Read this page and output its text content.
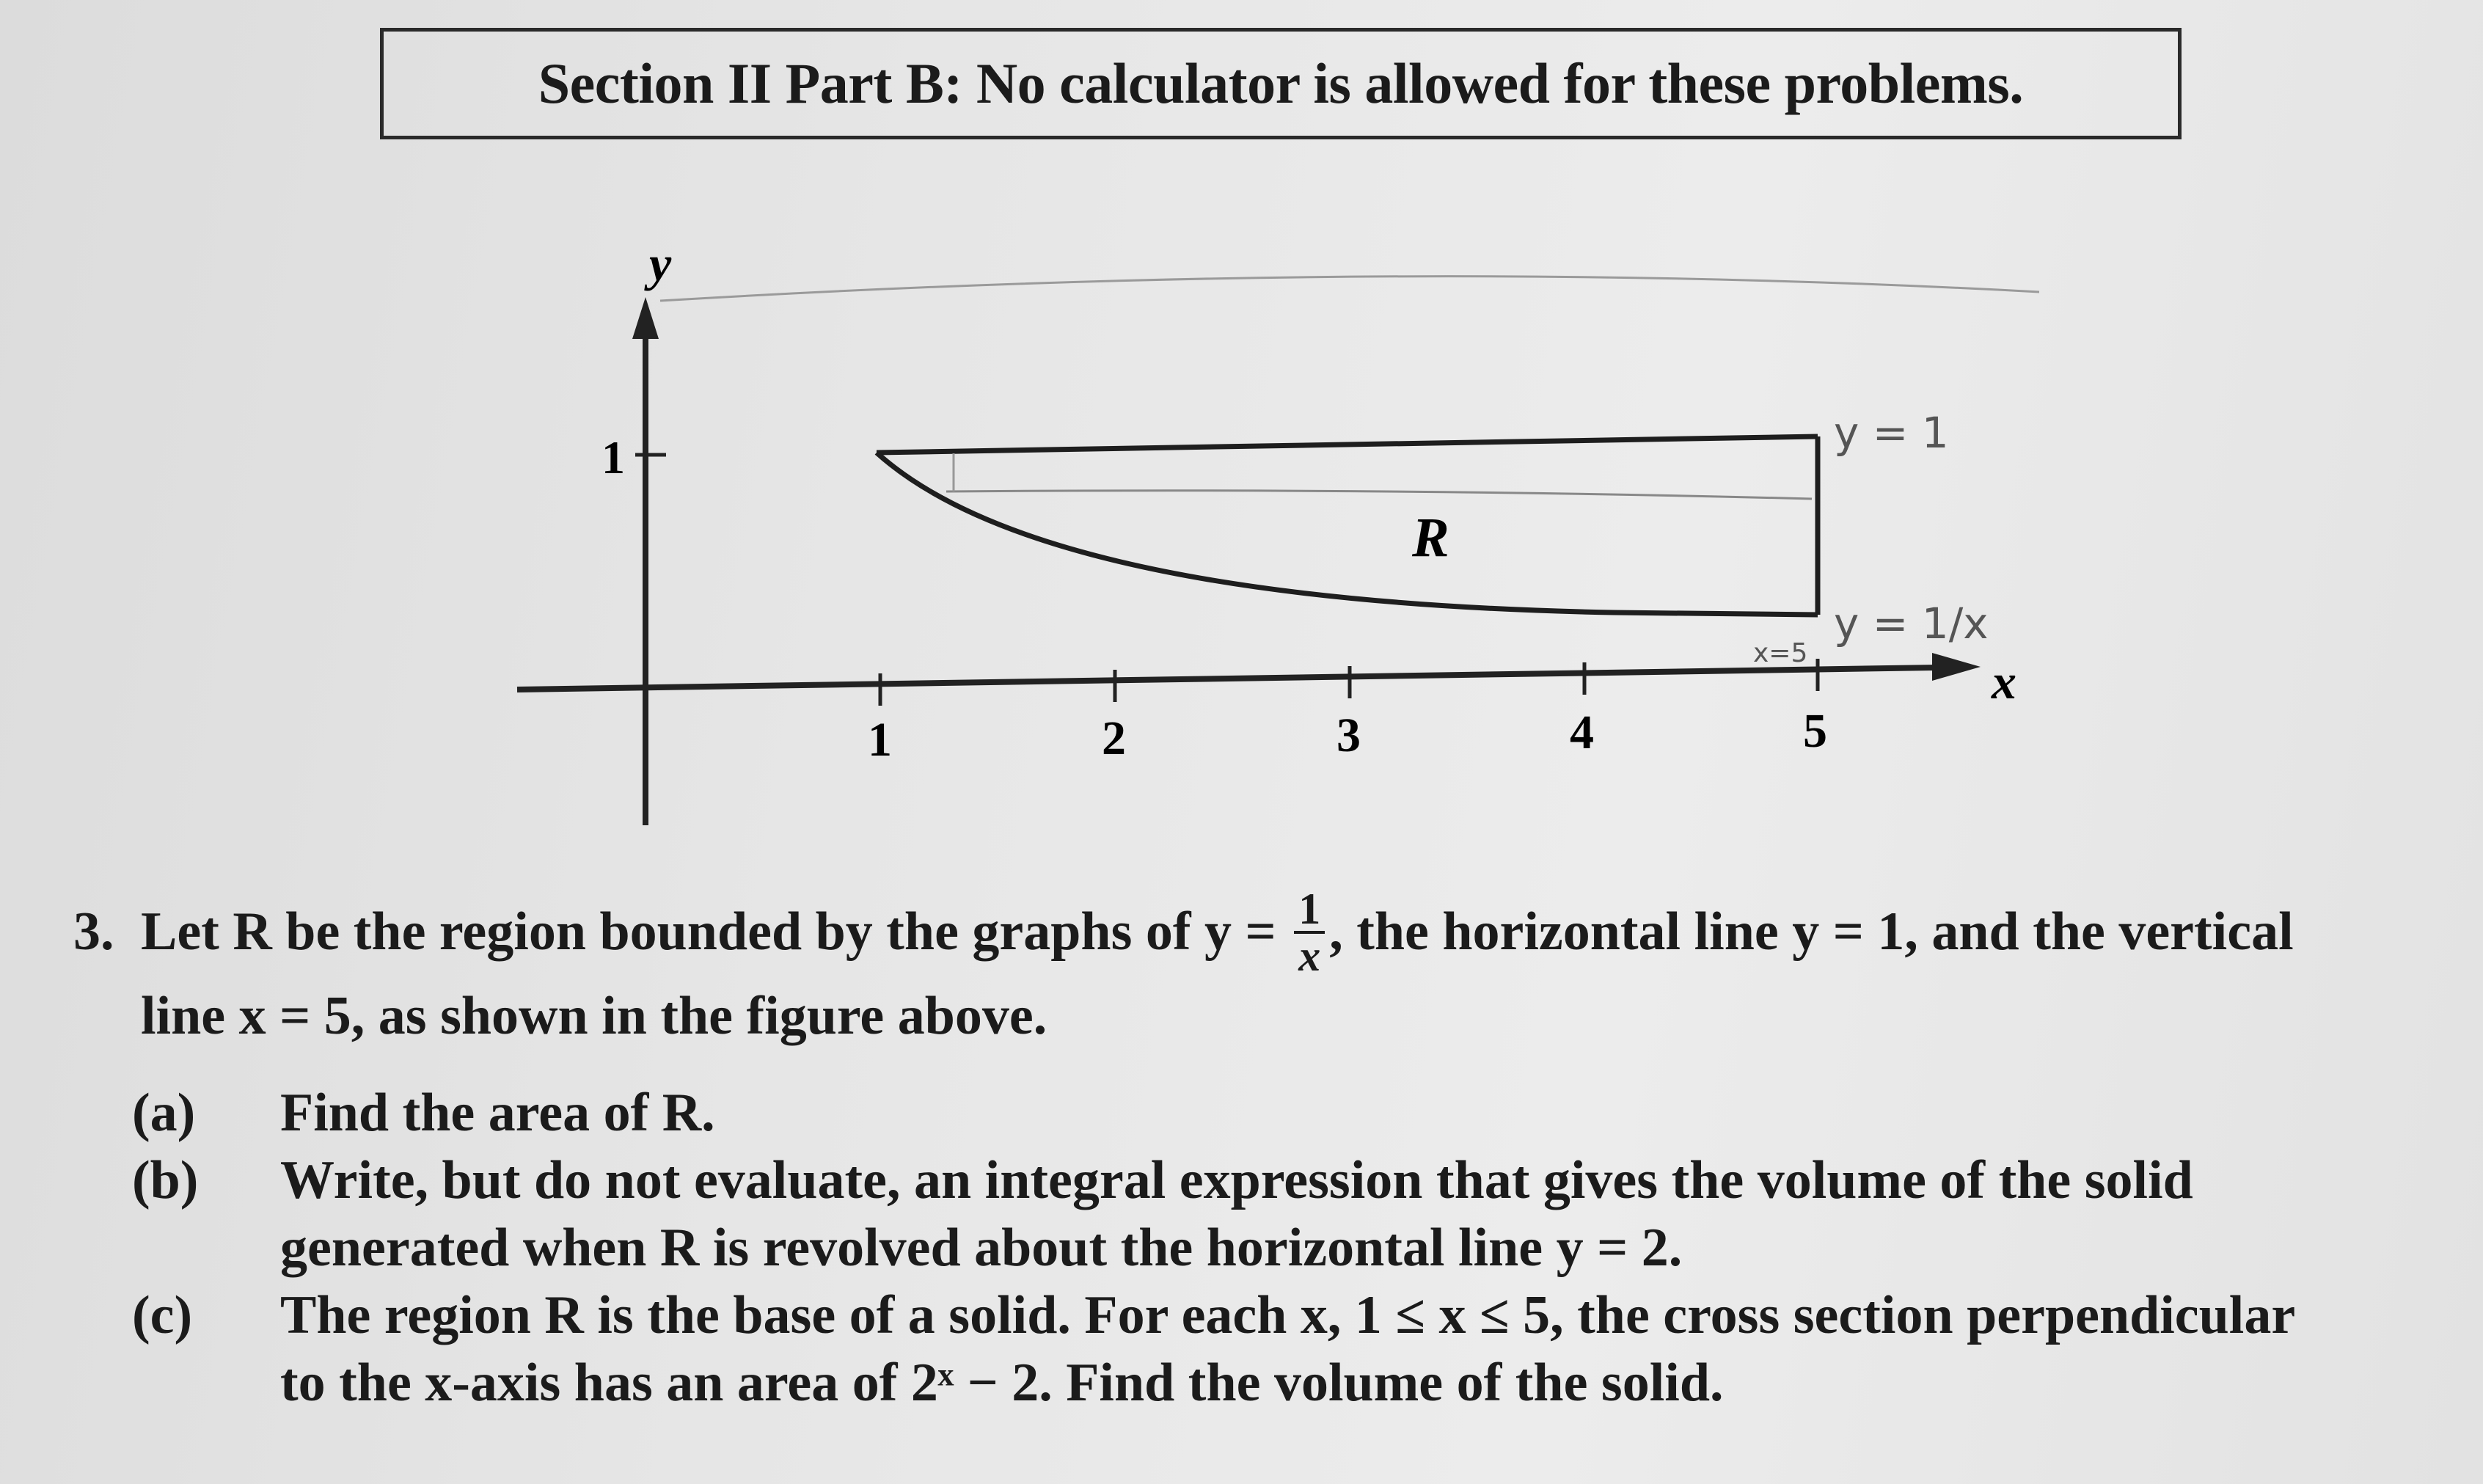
Section II Part B: No calculator is allowed for these problems.
y
x
1
1	2	3	4	5
R
y = 1
y = 1/x
x=5
3. Let R be the region bounded by the graphs of $y = \frac{1}{x}$ , the horizontal line y = 1, and the vertical
line x = 5, as shown in the figure above.
(a)	Find the area of R.
(b)	Write, but do not evaluate, an integral expression that gives the volume of the solid
generated when R is revolved about the horizontal line y = 2.
(c)	The region R is the base of a solid. For each x, 1 ≤ x ≤ 5, the cross section perpendicular
to the x-axis has an area of 2ˣ − 2. Find the volume of the solid.
